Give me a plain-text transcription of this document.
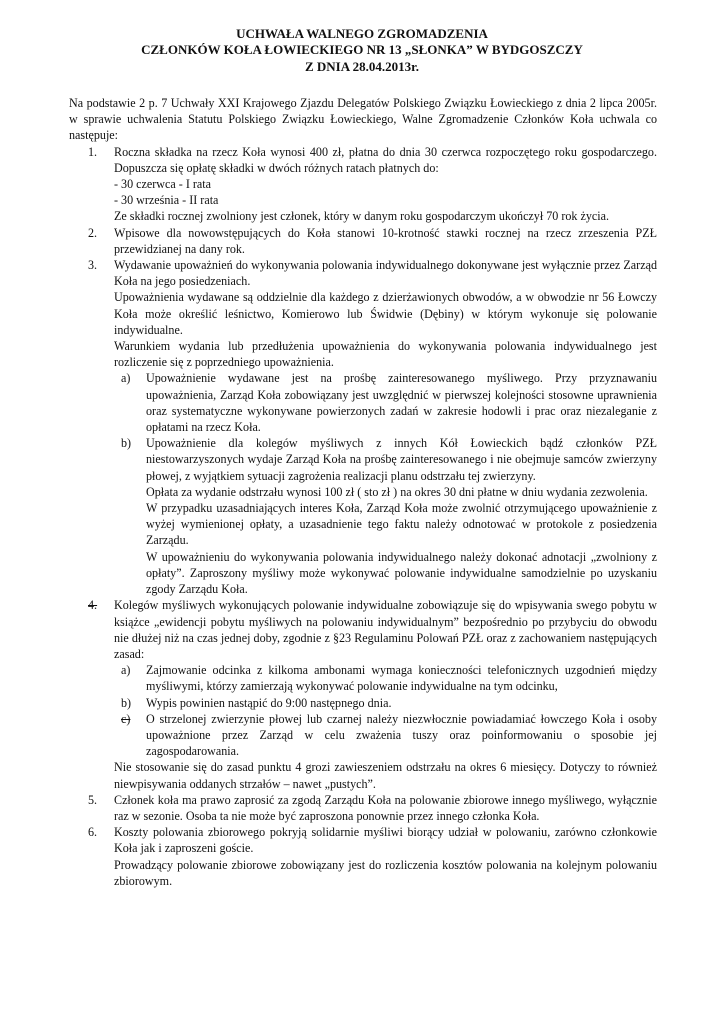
UCHWAŁA WALNEGO ZGROMADZENIA
CZŁONKÓW KOŁA ŁOWIECKIEGO NR 13 „SŁONKA” W BYDGOSZCZY
Z DNIA 28.04.2013r.

Na podstawie 2 p. 7 Uchwały XXI Krajowego Zjazdu Delegatów Polskiego Związku Łowieckiego z dnia 2 lipca 2005r. w sprawie uchwalenia Statutu Polskiego Związku Łowieckiego, Walne Zgromadzenie Członków Koła uchwala co następuje:

1. Roczna składka na rzecz Koła wynosi 400 zł, płatna do dnia 30 czerwca rozpoczętego roku gospodarczego. Dopuszcza się opłatę składki w dwóch różnych ratach płatnych do:

- 30 czerwca - I rata
- 30 września - II rata

Ze składki rocznej zwolniony jest członek, który w danym roku gospodarczym ukończył 70 rok życia.

2. Wpisowe dla nowowstępujących do Koła stanowi 10-krotność stawki rocznej na rzecz zrzeszenia PZŁ przewidzianej na dany rok.

3. Wydawanie upoważnień do wykonywania polowania indywidualnego dokonywane jest wyłącznie przez Zarząd Koła na jego posiedzeniach.

Upoważnienia wydawane są oddzielnie dla każdego z dzierżawionych obwodów, a w obwodzie nr 56 Łowczy Koła może określić leśnictwo, Komierowo lub Świdwie (Dębiny) w którym wykonuje się polowanie indywidualne.

Warunkiem wydania lub przedłużenia upoważnienia do wykonywania polowania indywidualnego jest rozliczenie się z poprzedniego upoważnienia.

a) Upoważnienie wydawane jest na prośbę zainteresowanego myśliwego. Przy przyznawaniu upoważnienia, Zarząd Koła zobowiązany jest uwzględnić w pierwszej kolejności stosowne uprawnienia oraz systematyczne wykonywane powierzonych zadań w zakresie hodowli i prac oraz niezaleganie z opłatami na rzecz Koła.

b) Upoważnienie dla kolegów myśliwych z innych Kół Łowieckich bądź członków PZŁ niestowarzyszonych wydaje Zarząd Koła na prośbę zainteresowanego i nie obejmuje samców zwierzyny płowej, z wyjątkiem sytuacji zagrożenia realizacji planu odstrzału tej zwierzyny.

Opłata za wydanie odstrzału wynosi 100 zł ( sto zł ) na okres 30 dni płatne w dniu wydania zezwolenia.

W przypadku uzasadniających interes Koła, Zarząd Koła może zwolnić otrzymującego upoważnienie z wyżej wymienionej opłaty, a uzasadnienie tego faktu należy odnotować w protokole z posiedzenia Zarządu.

W upoważnieniu do wykonywania polowania indywidualnego należy dokonać adnotacji „zwolniony z opłaty”. Zaproszony myśliwy może wykonywać polowanie indywidualne samodzielnie po uzyskaniu zgody Zarządu Koła.

4. Kolegów myśliwych wykonujących polowanie indywidualne zobowiązuje się do wpisywania swego pobytu w książce „ewidencji pobytu myśliwych na polowaniu indywidualnym” bezpośrednio po przybyciu do obwodu nie dłużej niż na czas jednej doby, zgodnie z §23 Regulaminu Polowań PZŁ oraz z zachowaniem następujących zasad:

a) Zajmowanie odcinka z kilkoma ambonami wymaga konieczności telefonicznych uzgodnień między myśliwymi, którzy zamierzają wykonywać polowanie indywidualne na tym odcinku,

b) Wypis powinien nastąpić do 9:00 następnego dnia.

c) O strzelonej zwierzynie płowej lub czarnej należy niezwłocznie powiadamiać łowczego Koła i osoby upoważnione przez Zarząd w celu zważenia tuszy oraz poinformowaniu o sposobie jej zagospodarowania.

Nie stosowanie się do zasad punktu 4 grozi zawieszeniem odstrzału na okres 6 miesięcy. Dotyczy to również niewpisywania oddanych strzałów – nawet „pustych”.

5. Członek koła ma prawo zaprosić za zgodą Zarządu Koła na polowanie zbiorowe innego myśliwego, wyłącznie raz w sezonie. Osoba ta nie może być zaproszona ponownie przez innego członka Koła.

6. Koszty polowania zbiorowego pokryją solidarnie myśliwi biorący udział w polowaniu, zarówno członkowie Koła jak i zaproszeni goście.

Prowadzący polowanie zbiorowe zobowiązany jest do rozliczenia kosztów polowania na kolejnym polowaniu zbiorowym.
